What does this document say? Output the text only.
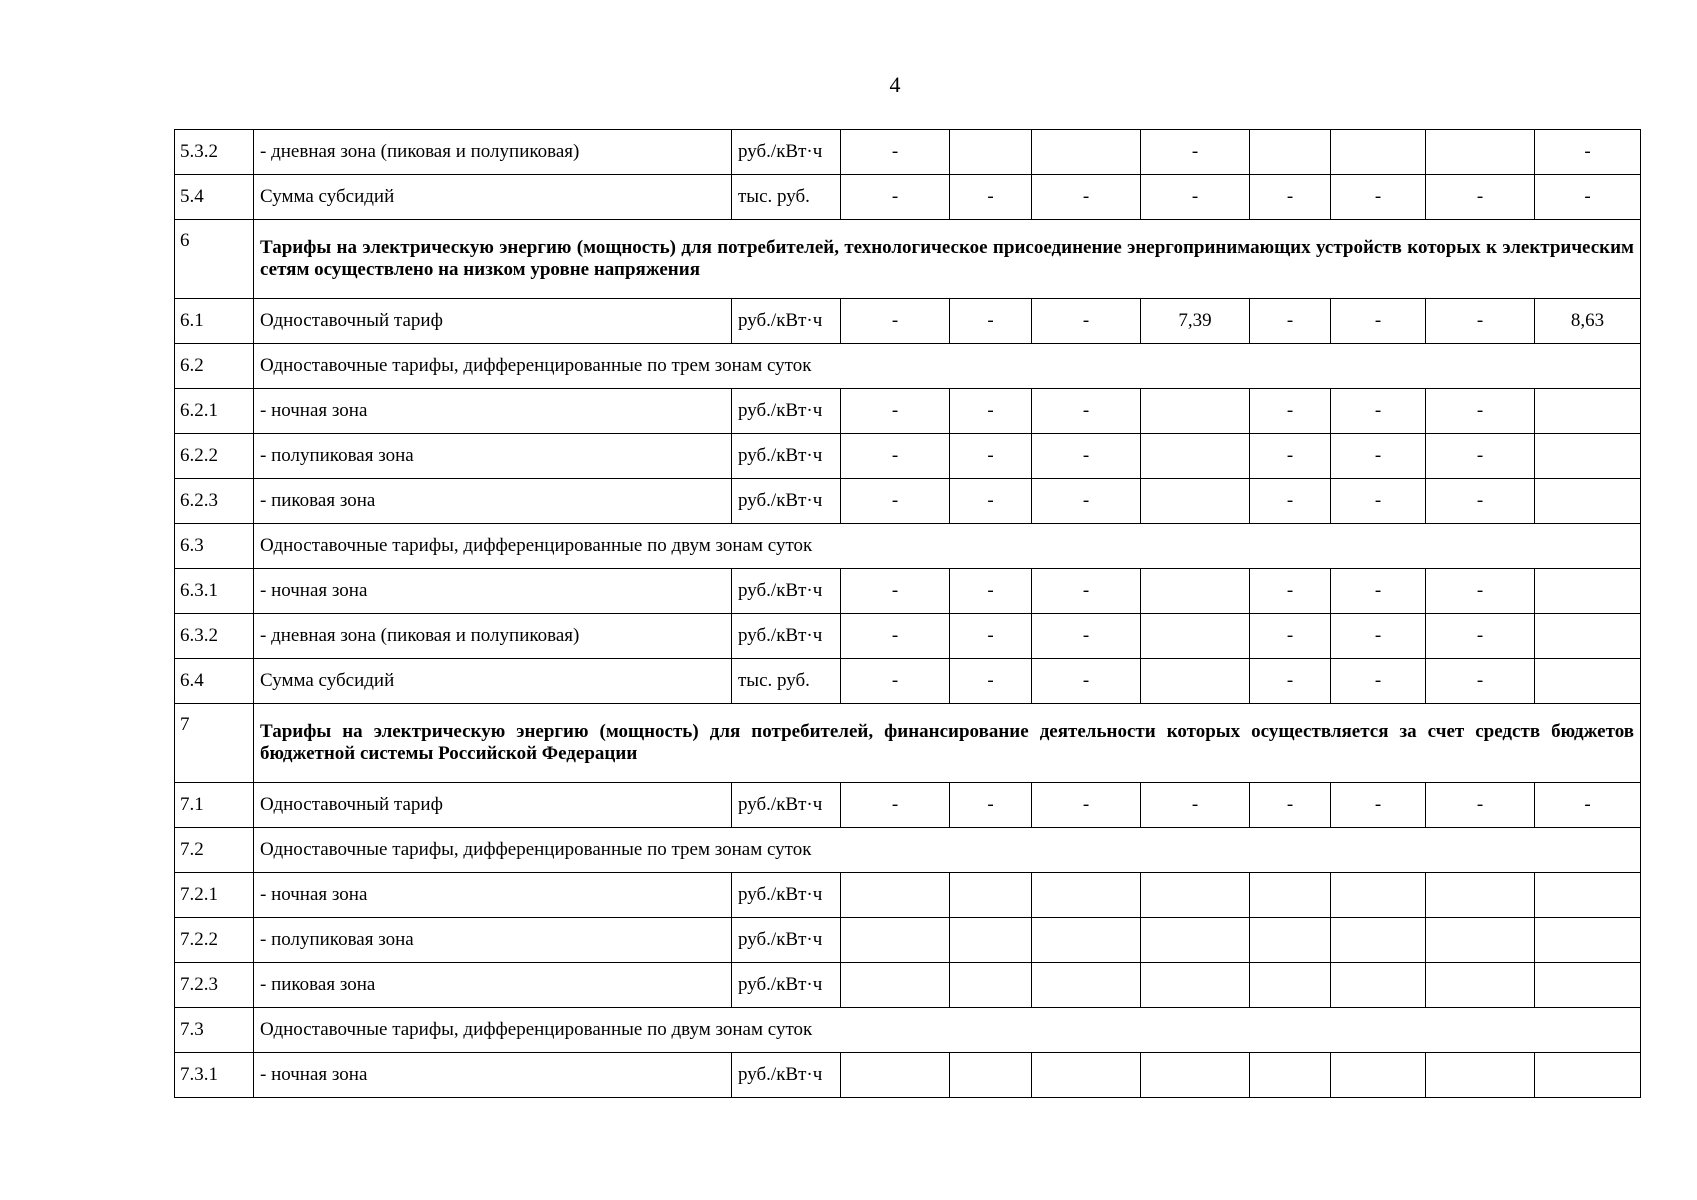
4
5.3.2	- дневная зона (пиковая и полупиковая)	руб./кВт·ч	-			-				-
5.4	Сумма субсидий	тыс. руб.	-	-	-	-	-	-	-	-
6	Тарифы на электрическую энергию (мощность) для потребителей, технологическое присоединение энергопринимающих устройств которых к электрическим сетям осуществлено на низком уровне напряжения									
6.1	Одноставочный тариф	руб./кВт·ч	-	-	-	7,39	-	-	-	8,63
6.2	Одноставочные тарифы, дифференцированные по трем зонам суток									
6.2.1	- ночная зона	руб./кВт·ч	-	-	-		-	-	-	
6.2.2	- полупиковая зона	руб./кВт·ч	-	-	-		-	-	-	
6.2.3	- пиковая зона	руб./кВт·ч	-	-	-		-	-	-	
6.3	Одноставочные тарифы, дифференцированные по двум зонам суток									
6.3.1	- ночная зона	руб./кВт·ч	-	-	-		-	-	-	
6.3.2	- дневная зона (пиковая и полупиковая)	руб./кВт·ч	-	-	-		-	-	-	
6.4	Сумма субсидий	тыс. руб.	-	-	-		-	-	-	
7	Тарифы на электрическую энергию (мощность) для потребителей, финансирование деятельности которых осуществляется за счет средств бюджетов бюджетной системы Российской Федерации									
7.1	Одноставочный тариф	руб./кВт·ч	-	-	-	-	-	-	-	-
7.2	Одноставочные тарифы, дифференцированные по трем зонам суток									
7.2.1	- ночная зона	руб./кВт·ч								
7.2.2	- полупиковая зона	руб./кВт·ч								
7.2.3	- пиковая зона	руб./кВт·ч								
7.3	Одноставочные тарифы, дифференцированные по двум зонам суток									
7.3.1	- ночная зона	руб./кВт·ч								
